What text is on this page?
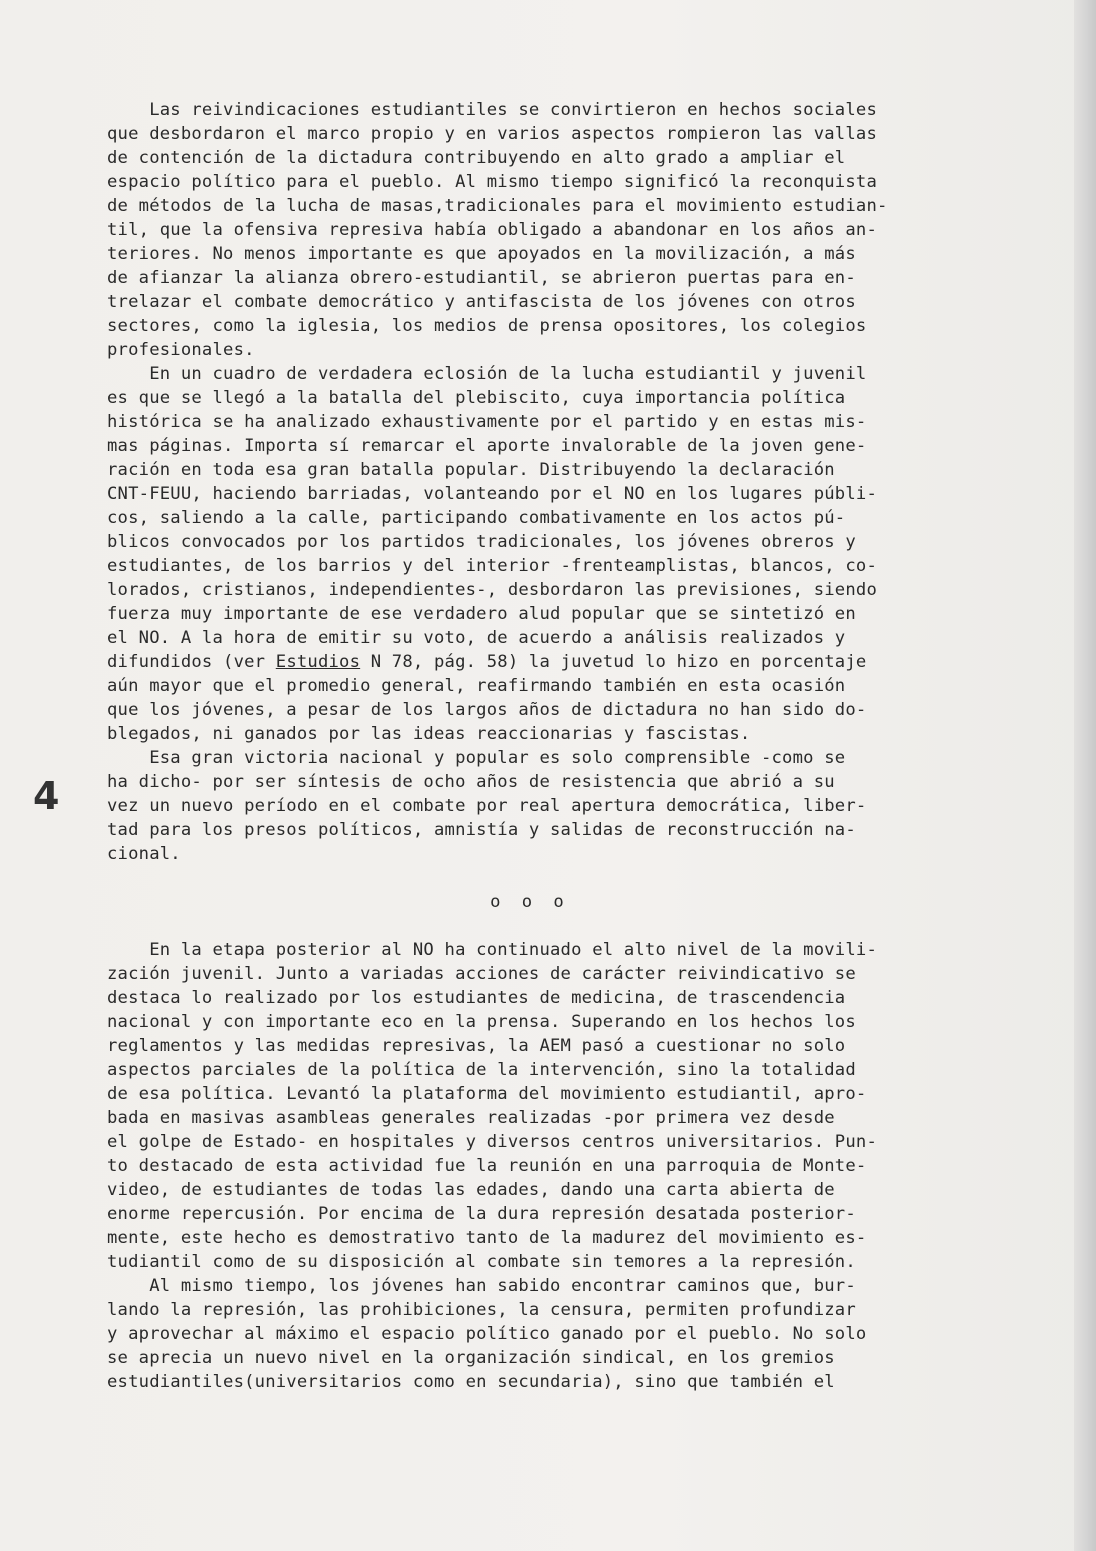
4
Las reivindicaciones estudiantiles se convirtieron en hechos sociales
que desbordaron el marco propio y en varios aspectos rompieron las vallas
de contención de la dictadura contribuyendo en alto grado a ampliar el
espacio político para el pueblo. Al mismo tiempo significó la reconquista
de métodos de la lucha de masas,tradicionales para el movimiento estudian-
til, que la ofensiva represiva había obligado a abandonar en los años an-
teriores. No menos importante es que apoyados en la movilización, a más
de afianzar la alianza obrero-estudiantil, se abrieron puertas para en-
trelazar el combate democrático y antifascista de los jóvenes con otros
sectores, como la iglesia, los medios de prensa opositores, los colegios
profesionales.
En un cuadro de verdadera eclosión de la lucha estudiantil y juvenil
es que se llegó a la batalla del plebiscito, cuya importancia política
histórica se ha analizado exhaustivamente por el partido y en estas mis-
mas páginas. Importa sí remarcar el aporte invalorable de la joven gene-
ración en toda esa gran batalla popular. Distribuyendo la declaración
CNT-FEUU, haciendo barriadas, volanteando por el NO en los lugares públi-
cos, saliendo a la calle, participando combativamente en los actos pú-
blicos convocados por los partidos tradicionales, los jóvenes obreros y
estudiantes, de los barrios y del interior -frenteamplistas, blancos, co-
lorados, cristianos, independientes-, desbordaron las previsiones, siendo
fuerza muy importante de ese verdadero alud popular que se sintetizó en
el NO. A la hora de emitir su voto, de acuerdo a análisis realizados y
difundidos (ver Estudios N 78, pág. 58) la juvetud lo hizo en porcentaje
aún mayor que el promedio general, reafirmando también en esta ocasión
que los jóvenes, a pesar de los largos años de dictadura no han sido do-
blegados, ni ganados por las ideas reaccionarias y fascistas.
Esa gran victoria nacional y popular es solo comprensible -como se
ha dicho- por ser síntesis de ocho años de resistencia que abrió a su
vez un nuevo período en el combate por real apertura democrática, liber-
tad para los presos políticos, amnistía y salidas de reconstrucción na-
cional.
o  o  o
En la etapa posterior al NO ha continuado el alto nivel de la movili-
zación juvenil. Junto a variadas acciones de carácter reivindicativo se
destaca lo realizado por los estudiantes de medicina, de trascendencia
nacional y con importante eco en la prensa. Superando en los hechos los
reglamentos y las medidas represivas, la AEM pasó a cuestionar no solo
aspectos parciales de la política de la intervención, sino la totalidad
de esa política. Levantó la plataforma del movimiento estudiantil, apro-
bada en masivas asambleas generales realizadas -por primera vez desde
el golpe de Estado- en hospitales y diversos centros universitarios. Pun-
to destacado de esta actividad fue la reunión en una parroquia de Monte-
video, de estudiantes de todas las edades, dando una carta abierta de
enorme repercusión. Por encima de la dura represión desatada posterior-
mente, este hecho es demostrativo tanto de la madurez del movimiento es-
tudiantil como de su disposición al combate sin temores a la represión.
Al mismo tiempo, los jóvenes han sabido encontrar caminos que, bur-
lando la represión, las prohibiciones, la censura, permiten profundizar
y aprovechar al máximo el espacio político ganado por el pueblo. No solo
se aprecia un nuevo nivel en la organización sindical, en los gremios
estudiantiles(universitarios como en secundaria), sino que también el
